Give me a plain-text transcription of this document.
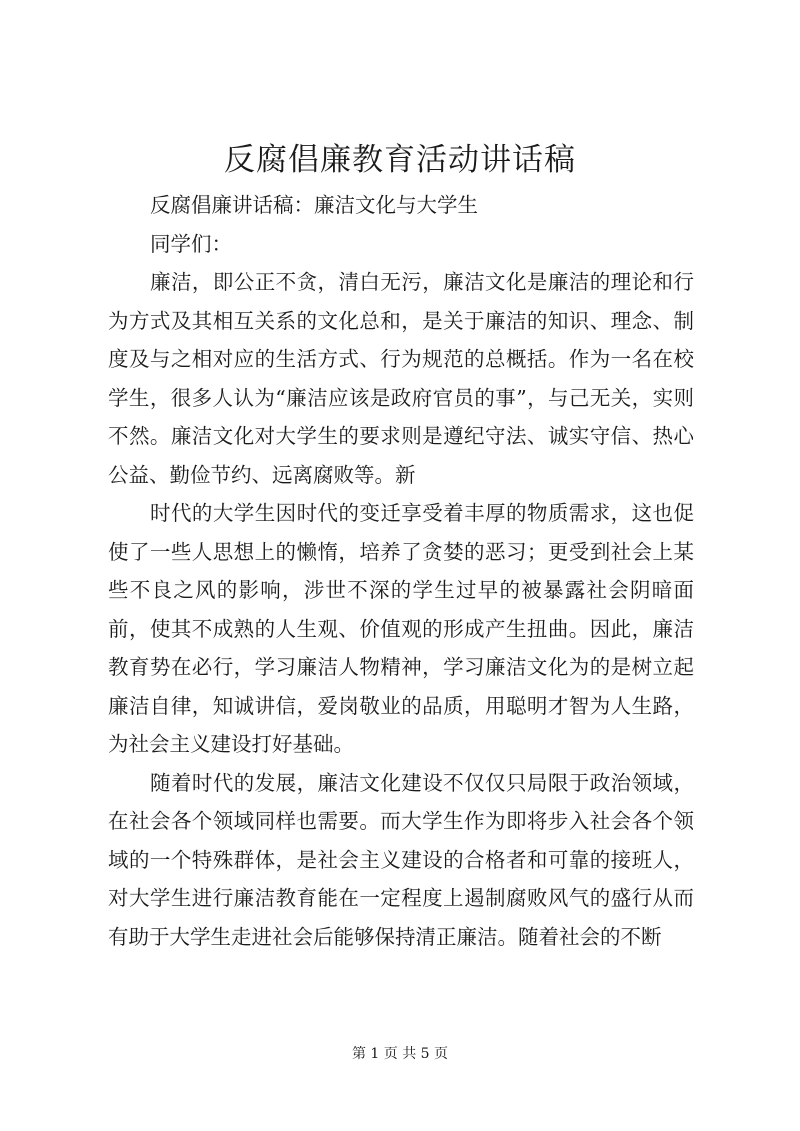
反腐倡廉教育活动讲话稿

反腐倡廉讲话稿：廉洁文化与大学生

同学们：

廉洁，即公正不贪，清白无污，廉洁文化是廉洁的理论和行为方式及其相互关系的文化总和，是关于廉洁的知识、理念、制度及与之相对应的生活方式、行为规范的总概括。作为一名在校学生，很多人认为“廉洁应该是政府官员的事”，与己无关，实则不然。廉洁文化对大学生的要求则是遵纪守法、诚实守信、热心公益、勤俭节约、远离腐败等。新

时代的大学生因时代的变迁享受着丰厚的物质需求，这也促使了一些人思想上的懒惰，培养了贪婪的恶习；更受到社会上某些不良之风的影响，涉世不深的学生过早的被暴露社会阴暗面前，使其不成熟的人生观、价值观的形成产生扭曲。因此，廉洁教育势在必行，学习廉洁人物精神，学习廉洁文化为的是树立起廉洁自律，知诚讲信，爱岗敬业的品质，用聪明才智为人生路，为社会主义建设打好基础。

随着时代的发展，廉洁文化建设不仅仅只局限于政治领域，在社会各个领域同样也需要。而大学生作为即将步入社会各个领域的一个特殊群体，是社会主义建设的合格者和可靠的接班人，对大学生进行廉洁教育能在一定程度上遏制腐败风气的盛行从而有助于大学生走进社会后能够保持清正廉洁。随着社会的不断

第 1 页 共 5 页
